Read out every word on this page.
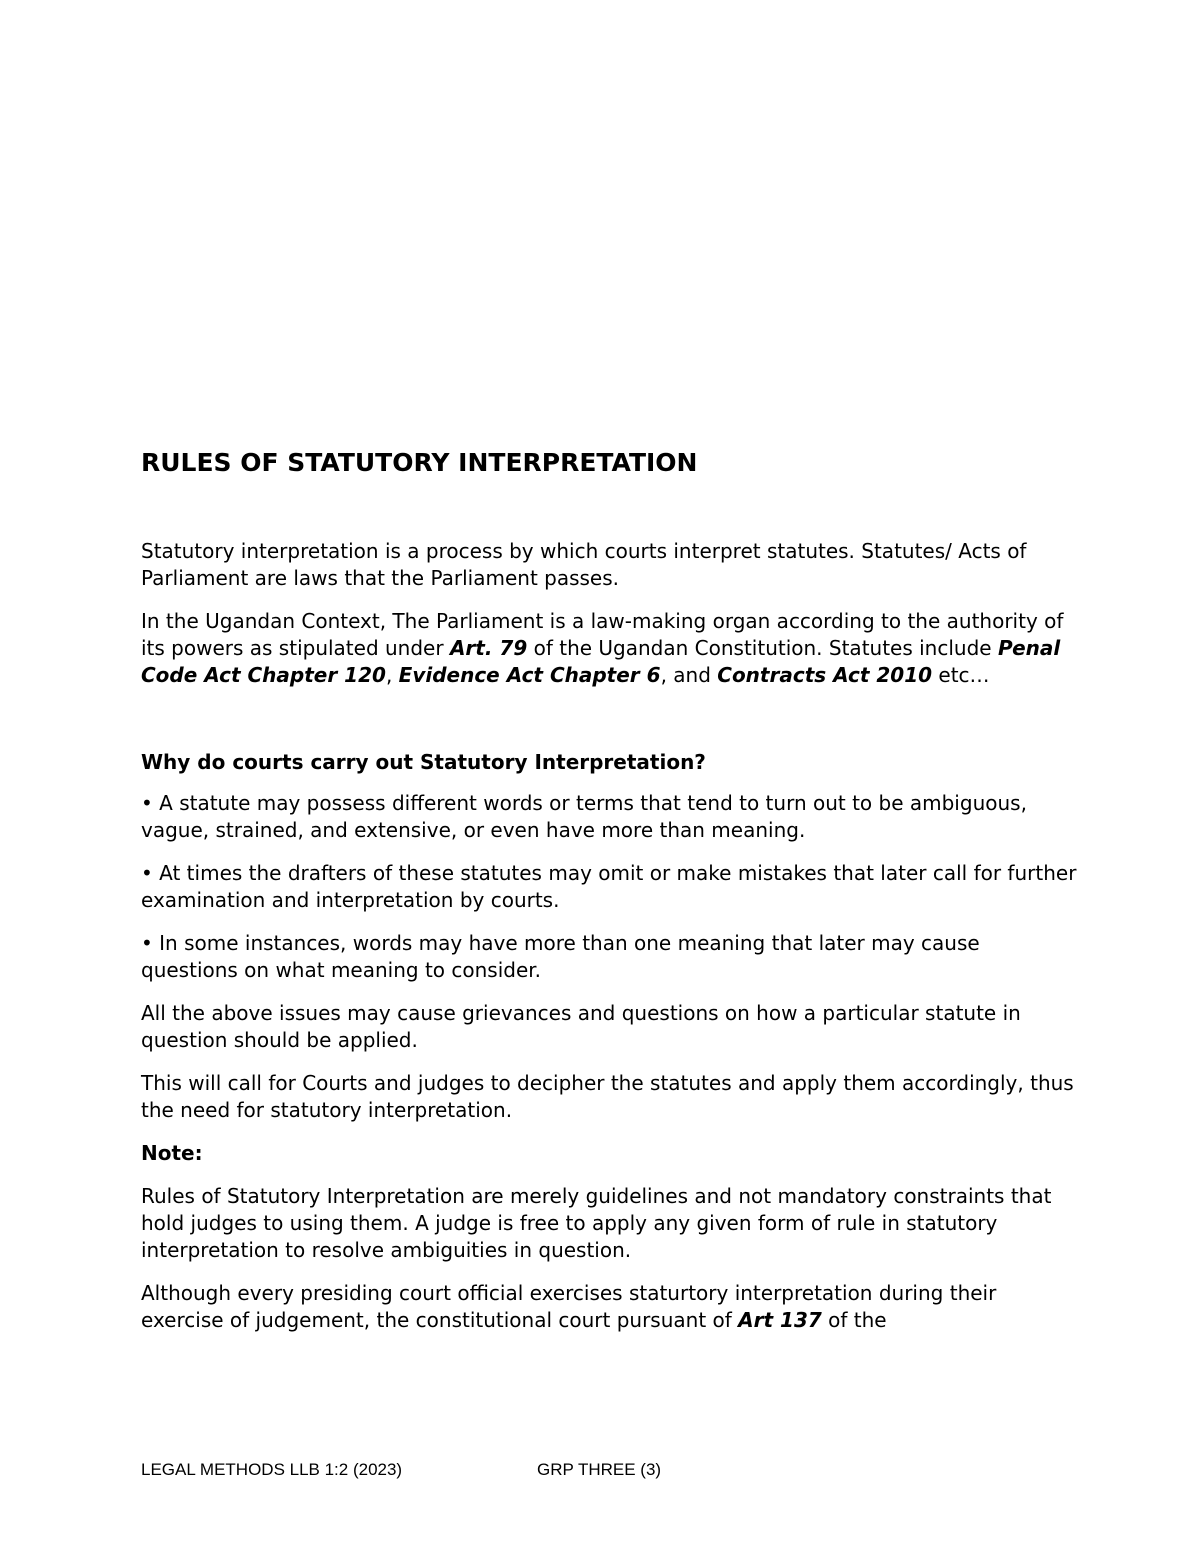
RULES OF STATUTORY INTERPRETATION

Statutory interpretation is a process by which courts interpret statutes. Statutes/ Acts of Parliament are laws that the Parliament passes.

In the Ugandan Context, The Parliament is a law-making organ according to the authority of its powers as stipulated under Art. 79 of the Ugandan Constitution. Statutes include Penal Code Act Chapter 120, Evidence Act Chapter 6, and Contracts Act 2010 etc…

Why do courts carry out Statutory Interpretation?

• A statute may possess different words or terms that tend to turn out to be ambiguous, vague, strained, and extensive, or even have more than meaning.

• At times the drafters of these statutes may omit or make mistakes that later call for further examination and interpretation by courts.

• In some instances, words may have more than one meaning that later may cause questions on what meaning to consider.

All the above issues may cause grievances and questions on how a particular statute in question should be applied.

This will call for Courts and judges to decipher the statutes and apply them accordingly, thus the need for statutory interpretation.

Note:

Rules of Statutory Interpretation are merely guidelines and not mandatory constraints that hold judges to using them. A judge is free to apply any given form of rule in statutory interpretation to resolve ambiguities in question.

Although every presiding court official exercises staturtory interpretation during their exercise of judgement, the constitutional court pursuant of Art 137 of the

LEGAL METHODS LLB 1:2 (2023)	GRP THREE (3)
